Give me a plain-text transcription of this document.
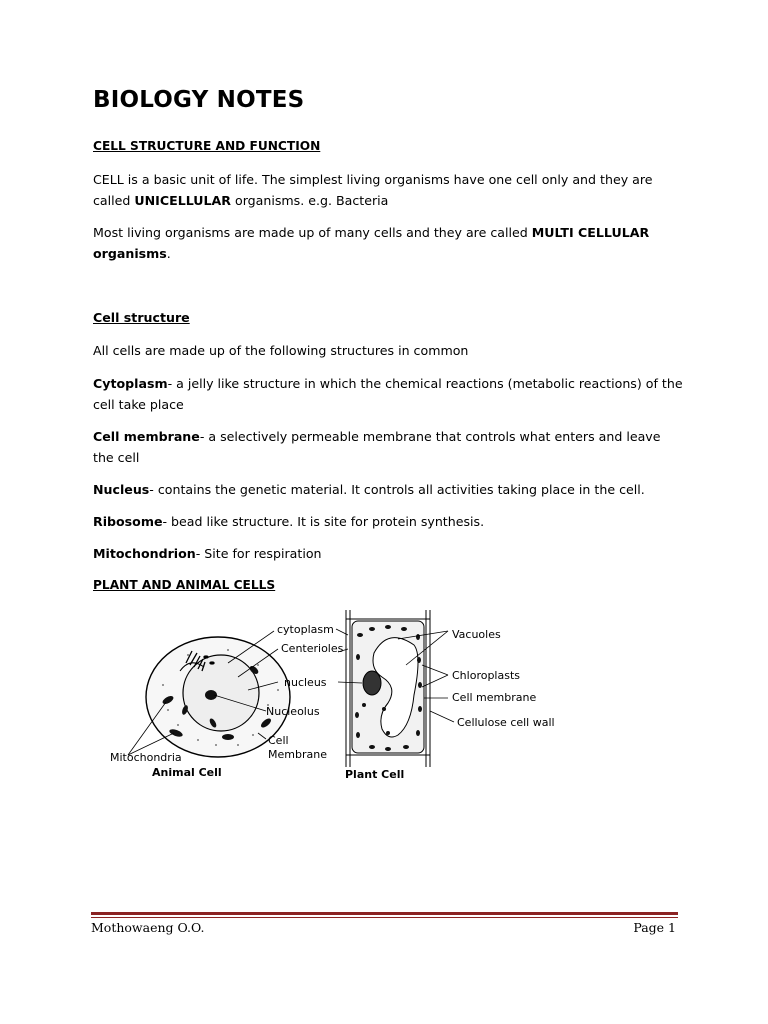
BIOLOGY NOTES
CELL STRUCTURE AND FUNCTION

CELL is a basic unit of life. The simplest living organisms have one cell only and they are called UNICELLULAR organisms. e.g. Bacteria

Most living organisms are made up of many cells and they are called MULTI CELLULAR organisms.

Cell structure

All cells are made up of the following structures in common

Cytoplasm- a jelly like structure in which the chemical reactions (metabolic reactions) of the cell take place

Cell membrane- a selectively permeable membrane that controls what enters and leave the cell

Nucleus- contains the genetic material. It controls all activities taking place in the cell.

Ribosome- bead like structure. It is site for protein synthesis.

Mitochondrion- Site for respiration

PLANT AND ANIMAL CELLS
cytoplasm
Centerioles
nucleus
Nucleolus
Cell
Membrane
Mitochondria
Animal Cell
Vacuoles
Chloroplasts
Cell membrane
Cellulose cell wall
Plant Cell
Mothowaeng O.O.	Page 1
